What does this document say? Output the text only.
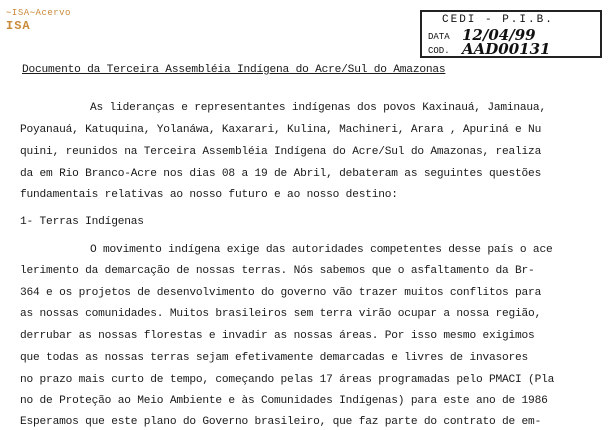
∼ISA∼Acervo
ISA	CEDI - P.I.B.
DATA 12/04/99
COD. AAD00131
Documento da Terceira Assembléia Indígena do Acre/Sul do Amazonas
As lideranças e representantes indígenas dos povos Kaxinauá, Jaminaua,
Poyanauá, Katuquina, Yolanáwa, Kaxarari, Kulina, Machineri, Arara , Apuriná e Nu
quini, reunidos na Terceira Assembléia Indígena do Acre/Sul do Amazonas, realiza
da em Rio Branco-Acre nos dias 08 a 19 de Abril, debateram as seguintes questões
fundamentais relativas ao nosso futuro e ao nosso destino:
1- Terras Indígenas
O movimento indígena exige das autoridades competentes desse país o ace
lerimento da demarcação de nossas terras. Nós sabemos que o asfaltamento da Br-
364 e os projetos de desenvolvimento do governo vão trazer muitos conflitos para
as nossas comunidades. Muitos brasileiros sem terra virão ocupar a nossa região,
derrubar as nossas florestas e invadir as nossas áreas. Por isso mesmo exigimos
que todas as nossas terras sejam efetivamente demarcadas e livres de invasores
no prazo mais curto de tempo, começando pelas 17 áreas programadas pelo PMACI (Pla
no de Proteção ao Meio Ambiente e às Comunidades Indígenas) para este ano de 1986
Esperamos que este plano do Governo brasileiro, que faz parte do contrato de em-
